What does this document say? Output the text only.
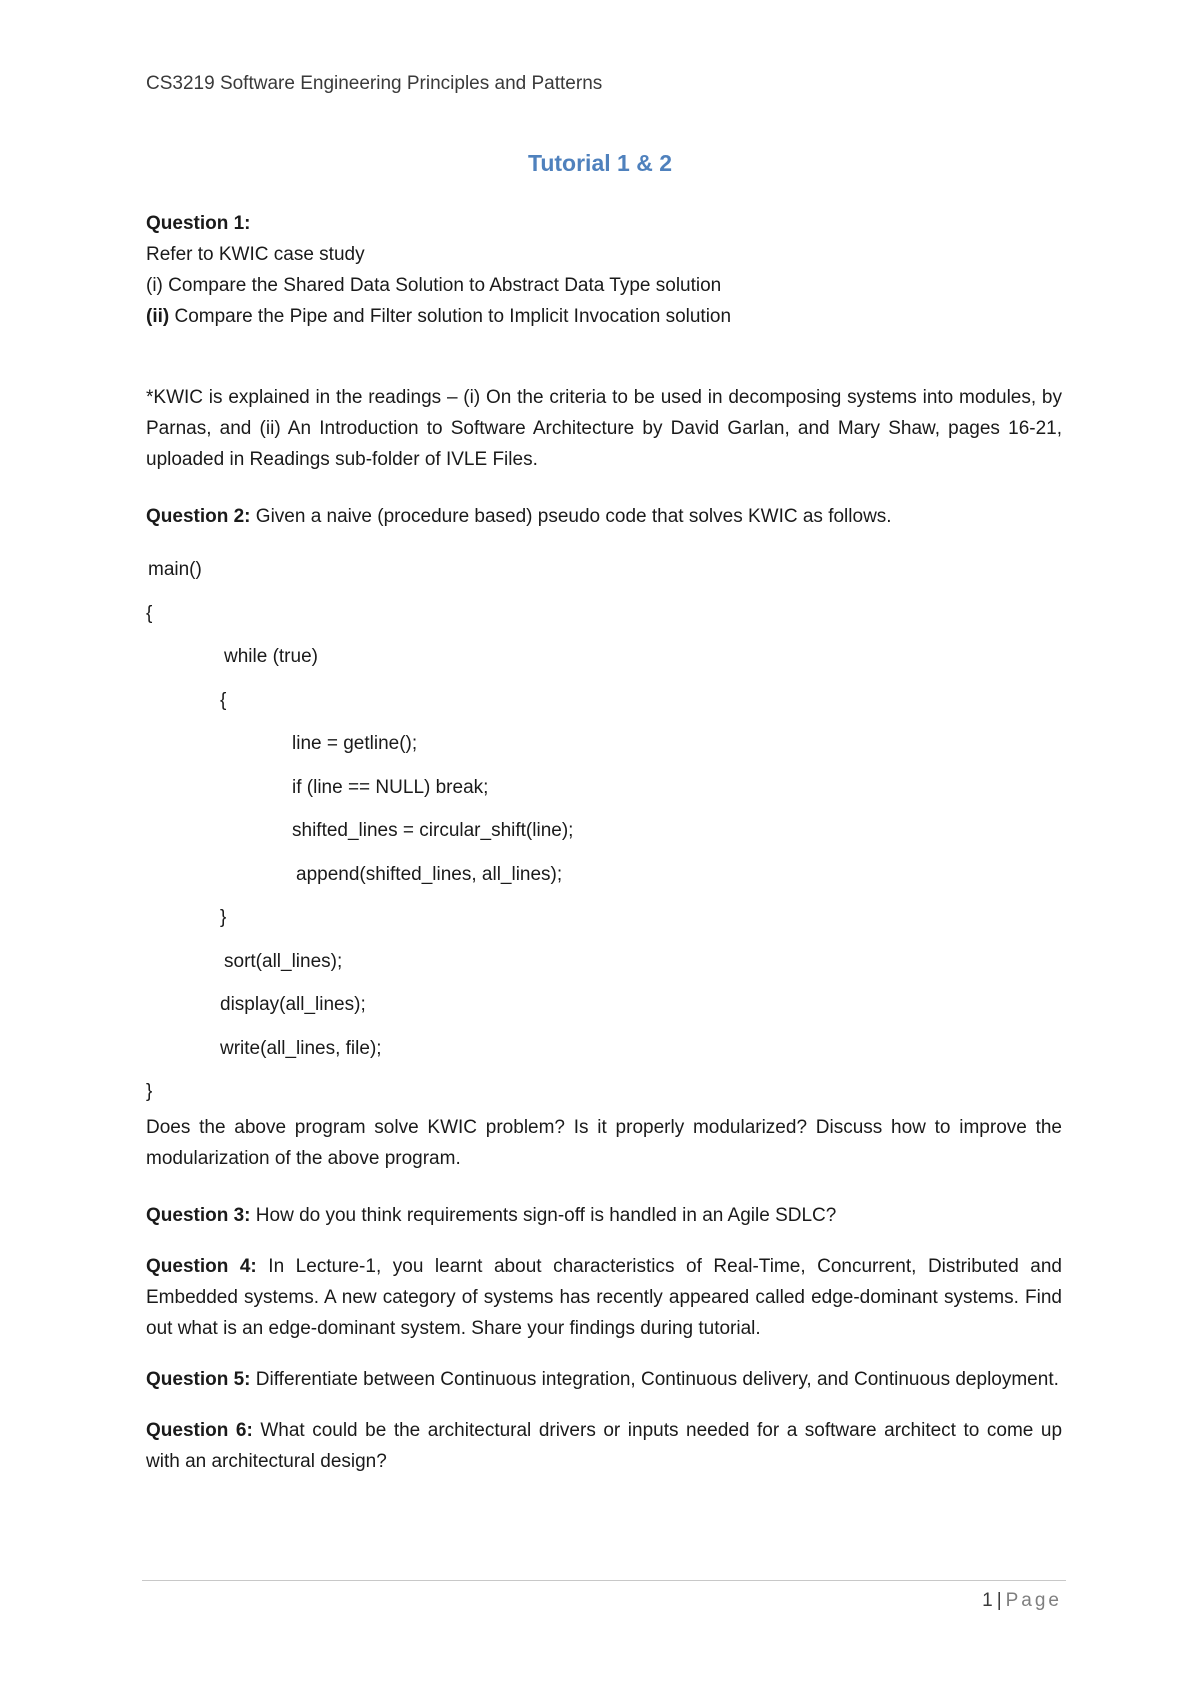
CS3219 Software Engineering Principles and Patterns
Tutorial 1 & 2

Question 1:

Refer to KWIC case study

(i) Compare the Shared Data Solution to Abstract Data Type solution

(ii) Compare the Pipe and Filter solution to Implicit Invocation solution

*KWIC is explained in the readings – (i) On the criteria to be used in decomposing systems into modules, by Parnas, and (ii) An Introduction to Software Architecture by David Garlan, and Mary Shaw, pages 16-21, uploaded in Readings sub-folder of IVLE Files.

Question 2: Given a naive (procedure based) pseudo code that solves KWIC as follows.

main()
{
while (true)
{
line = getline();
if (line == NULL) break;
shifted_lines = circular_shift(line);
append(shifted_lines, all_lines);
}
sort(all_lines);
display(all_lines);
write(all_lines, file);
}

Does the above program solve KWIC problem? Is it properly modularized? Discuss how to improve the modularization of the above program.

Question 3: How do you think requirements sign-off is handled in an Agile SDLC?

Question 4: In Lecture-1, you learnt about characteristics of Real-Time, Concurrent, Distributed and Embedded systems. A new category of systems has recently appeared called edge-dominant systems. Find out what is an edge-dominant system. Share your findings during tutorial.

Question 5: Differentiate between Continuous integration, Continuous delivery, and Continuous deployment.

Question 6: What could be the architectural drivers or inputs needed for a software architect to come up with an architectural design?

1 | Page
